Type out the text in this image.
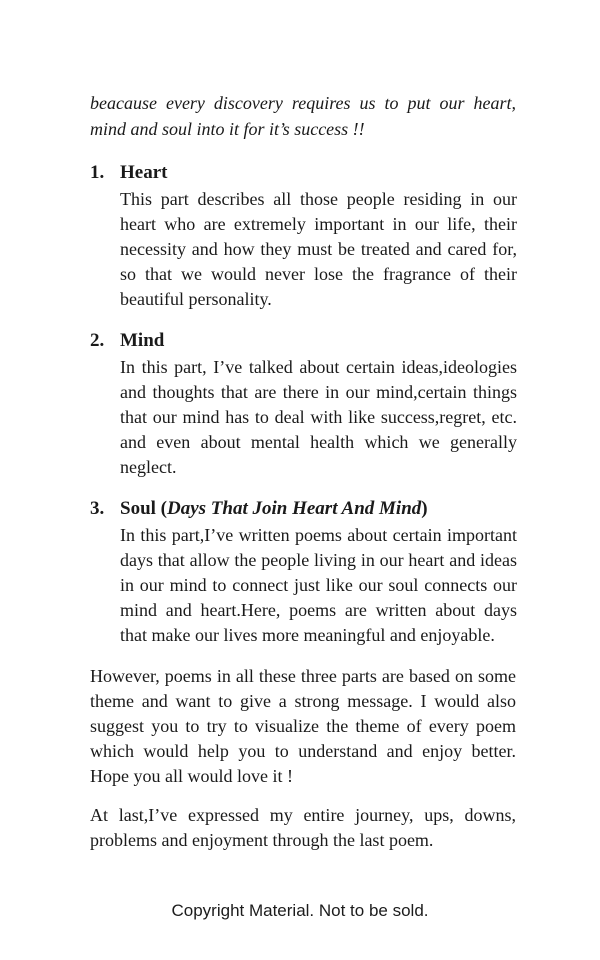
beacause every discovery requires us to put our heart, mind and soul into it for it’s success !!

1. Heart

This part describes all those people residing in our heart who are extremely important in our life, their necessity and how they must be treated and cared for, so that we would never lose the fragrance of their beautiful personality.

2. Mind

In this part, I’ve talked about certain ideas,ideologies and thoughts that are there in our mind,certain things that our mind has to deal with like success,regret, etc. and even about mental health which we generally neglect.

3. Soul (Days That Join Heart And Mind)

In this part,I’ve written poems about certain important days that allow the people living in our heart and ideas in our mind to connect just like our soul connects our mind and heart.Here, poems are written about days that make our lives more meaningful and enjoyable.

However, poems in all these three parts are based on some theme and want to give a strong message. I would also suggest you to try to visualize the theme of every poem which would help you to understand and enjoy better. Hope you all would love it !

At last,I’ve expressed my entire journey, ups, downs, problems and enjoyment through the last poem.

Copyright Material. Not to be sold.
